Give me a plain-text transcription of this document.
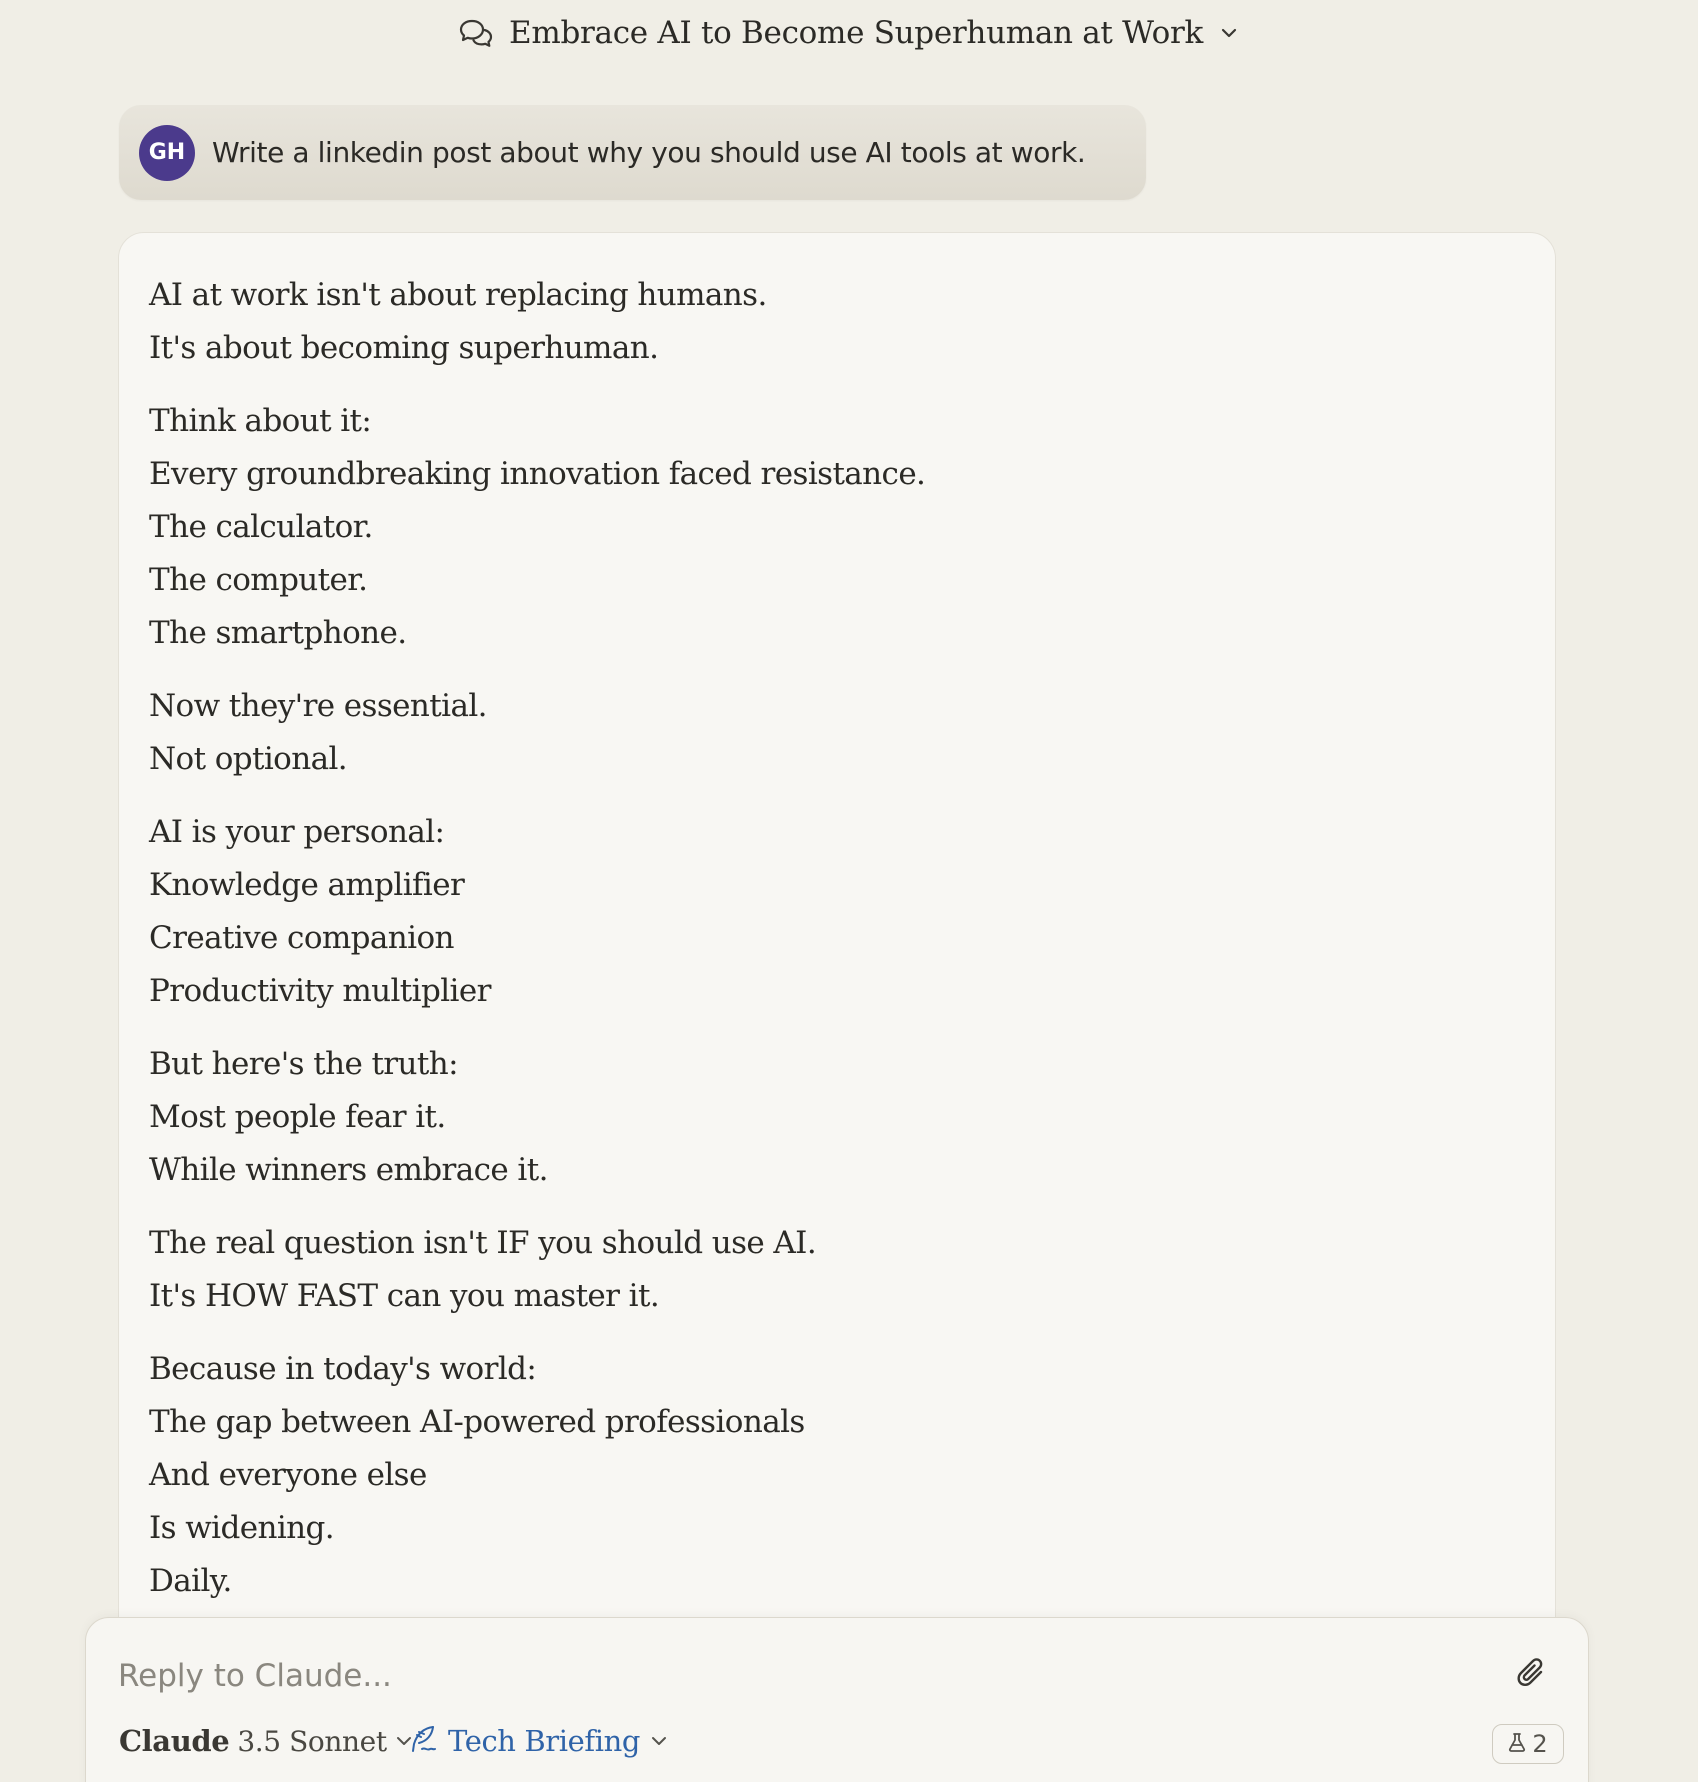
Embrace AI to Become Superhuman at Work
GH Write a linkedin post about why you should use AI tools at work.
AI at work isn't about replacing humans.
It's about becoming superhuman.
Think about it:
Every groundbreaking innovation faced resistance.
The calculator.
The computer.
The smartphone.
Now they're essential.
Not optional.
AI is your personal:
Knowledge amplifier
Creative companion
Productivity multiplier
But here's the truth:
Most people fear it.
While winners embrace it.
The real question isn't IF you should use AI.
It's HOW FAST can you master it.
Because in today's world:
The gap between AI-powered professionals
And everyone else
Is widening.
Daily.
Reply to Claude...
Claude 3.5 Sonnet Tech Briefing	2
